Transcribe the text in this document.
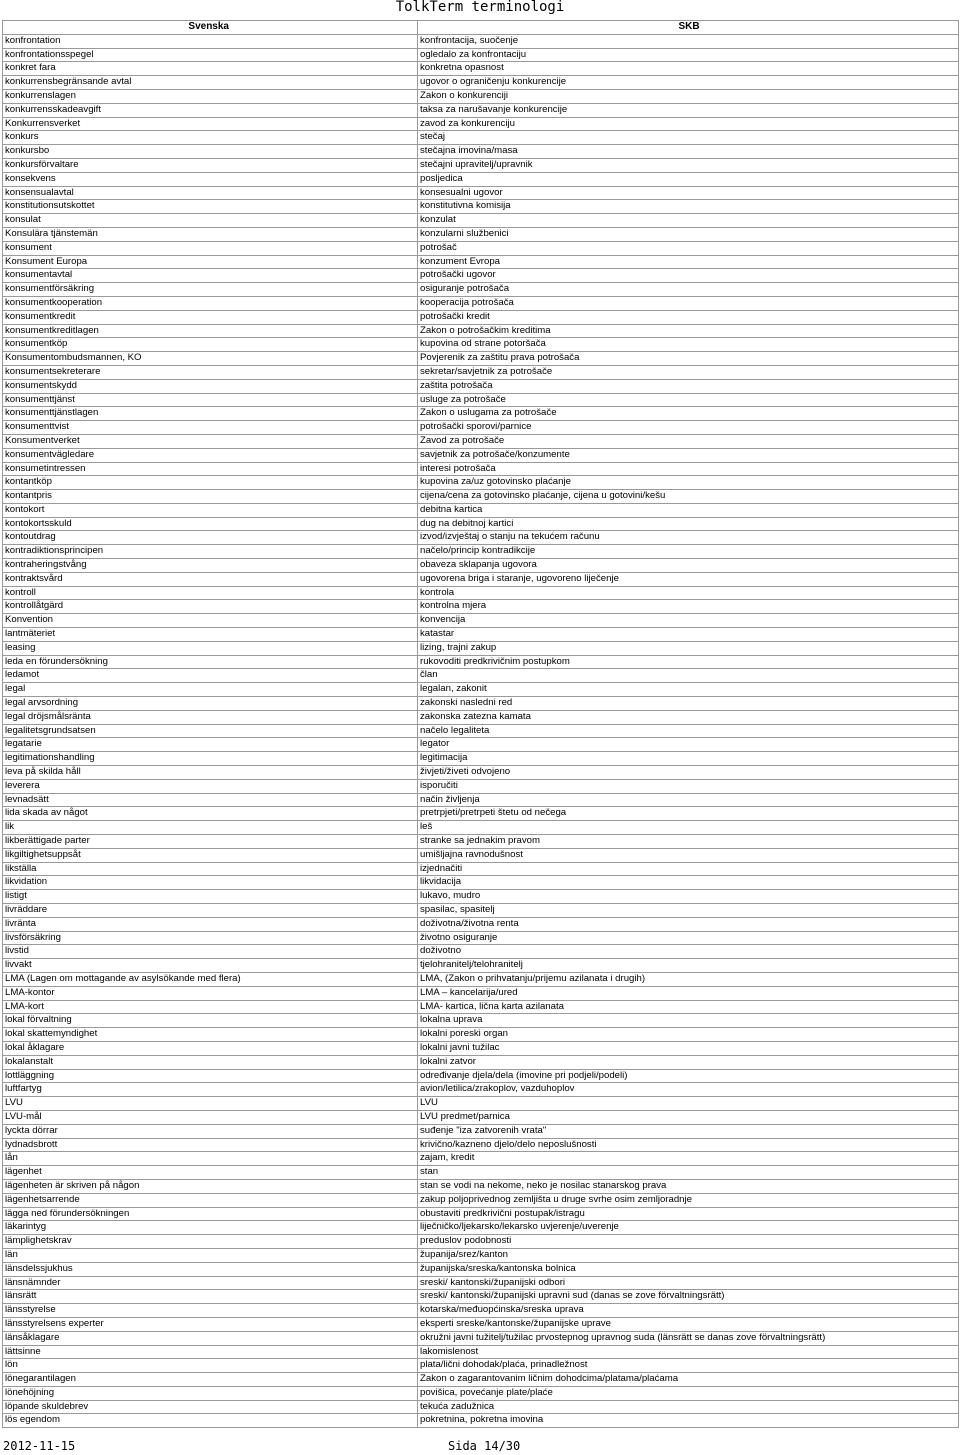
TolkTerm terminologi
Svenska	SKB
konfrontation	konfrontacija, suočenje
konfrontationsspegel	ogledalo za konfrontaciju
konkret fara	konkretna opasnost
konkurrensbegränsande avtal	ugovor o ograničenju konkurencije
konkurrenslagen	Zakon o konkurenciji
konkurrensskadeavgift	taksa za narušavanje konkurencije
Konkurrensverket	zavod za konkurenciju
konkurs	stečaj
konkursbo	stečajna imovina/masa
konkursförvaltare	stečajni upravitelj/upravnik
konsekvens	posljedica
konsensualavtal	konsesualni ugovor
konstitutionsutskottet	konstitutivna komisija
konsulat	konzulat
Konsulära tjänstemän	konzularni službenici
konsument	potrošač
Konsument Europa	konzument Evropa
konsumentavtal	potrošački ugovor
konsumentförsäkring	osiguranje potrošača
konsumentkooperation	kooperacija potrošača
konsumentkredit	potrošački kredit
konsumentkreditlagen	Zakon o potrošačkim kreditima
konsumentköp	kupovina od strane potoršača
Konsumentombudsmannen, KO	Povjerenik za zaštitu prava potrošača
konsumentsekreterare	sekretar/savjetnik za potrošače
konsumentskydd	zaštita potrošača
konsumenttjänst	usluge za potrošače
konsumenttjänstlagen	Zakon o uslugama za potrošače
konsumenttvist	potrošački sporovi/parnice
Konsumentverket	Zavod za potrošače
konsumentvägledare	savjetnik za potrošače/konzumente
konsumetintressen	interesi potrošača
kontantköp	kupovina za/uz gotovinsko plaćanje
kontantpris	cijena/cena za gotovinsko plaćanje, cijena u gotovini/kešu
kontokort	debitna kartica
kontokortsskuld	dug na debitnoj kartici
kontoutdrag	izvod/izvještaj o stanju na tekućem računu
kontradiktionsprincipen	načelo/princip kontradikcije
kontraheringstvång	obaveza sklapanja ugovora
kontraktsvård	ugovorena briga i staranje, ugovoreno liječenje
kontroll	kontrola
kontrollåtgärd	kontrolna mjera
Konvention	konvencija
lantmäteriet	katastar
leasing	lizing, trajni zakup
leda en förundersökning	rukovoditi predkrivičnim postupkom
ledamot	član
legal	legalan, zakonit
legal arvsordning	zakonski nasledni red
legal dröjsmålsränta	zakonska zatezna kamata
legalitetsgrundsatsen	načelo legaliteta
legatarie	legator
legitimationshandling	legitimacija
leva på skilda håll	živjeti/živeti odvojeno
leverera	isporučiti
levnadsätt	način življenja
lida skada av något	pretrpjeti/pretrpeti štetu od nečega
lik	leš
likberättigade parter	stranke sa jednakim pravom
likgiltighetsuppsåt	umišljajna ravnodušnost
likställa	izjednačiti
likvidation	likvidacija
listigt	lukavo, mudro
livräddare	spasilac, spasitelj
livränta	doživotna/životna renta
livsförsäkring	životno osiguranje
livstid	doživotno
livvakt	tjelohranitelj/telohranitelj
LMA (Lagen om mottagande av asylsökande med flera)	LMA, (Zakon o prihvatanju/prijemu azilanata i drugih)
LMA-kontor	LMA – kancelarija/ured
LMA-kort	LMA- kartica, lična karta azilanata
lokal förvaltning	lokalna uprava
lokal skattemyndighet	lokalni poreski organ
lokal åklagare	lokalni javni tužilac
lokalanstalt	lokalni zatvor
lottläggning	određivanje djela/dela (imovine pri podjeli/podeli)
luftfartyg	avion/letilica/zrakoplov, vazduhoplov
LVU	LVU
LVU-mål	LVU predmet/parnica
lyckta dörrar	suđenje "iza zatvorenih vrata"
lydnadsbrott	krivično/kazneno djelo/delo neposlušnosti
lån	zajam, kredit
lägenhet	stan
lägenheten är skriven på någon	stan se vodi na nekome, neko je nosilac stanarskog prava
lägenhetsarrende	zakup poljoprivednog zemljišta u druge svrhe osim zemljoradnje
lägga ned förundersökningen	obustaviti predkrivični postupak/istragu
läkarintyg	liječničko/ljekarsko/lekarsko uvjerenje/uverenje
lämplighetskrav	preduslov podobnosti
län	županija/srez/kanton
länsdelssjukhus	županijska/sreska/kantonska bolnica
länsnämnder	sreski/ kantonski/županijski odbori
länsrätt	sreski/ kantonski/županijski upravni sud (danas se zove förvaltningsrätt)
länsstyrelse	kotarska/međuopćinska/sreska uprava
länsstyrelsens experter	eksperti sreske/kantonske/županijske uprave
länsåklagare	okružni javni tužitelj/tužilac prvostepnog upravnog suda (länsrätt se danas zove förvaltningsrätt)
lättsinne	lakomislenost
lön	plata/lični dohodak/plaća, prinadležnost
lönegarantilagen	Zakon o zagarantovanim ličnim dohodcima/platama/plaćama
lönehöjning	povišica, povećanje plate/plaće
löpande skuldebrev	tekuća zadužnica
lös egendom	pokretnina, pokretna imovina
2012-11-15	Sida 14/30
